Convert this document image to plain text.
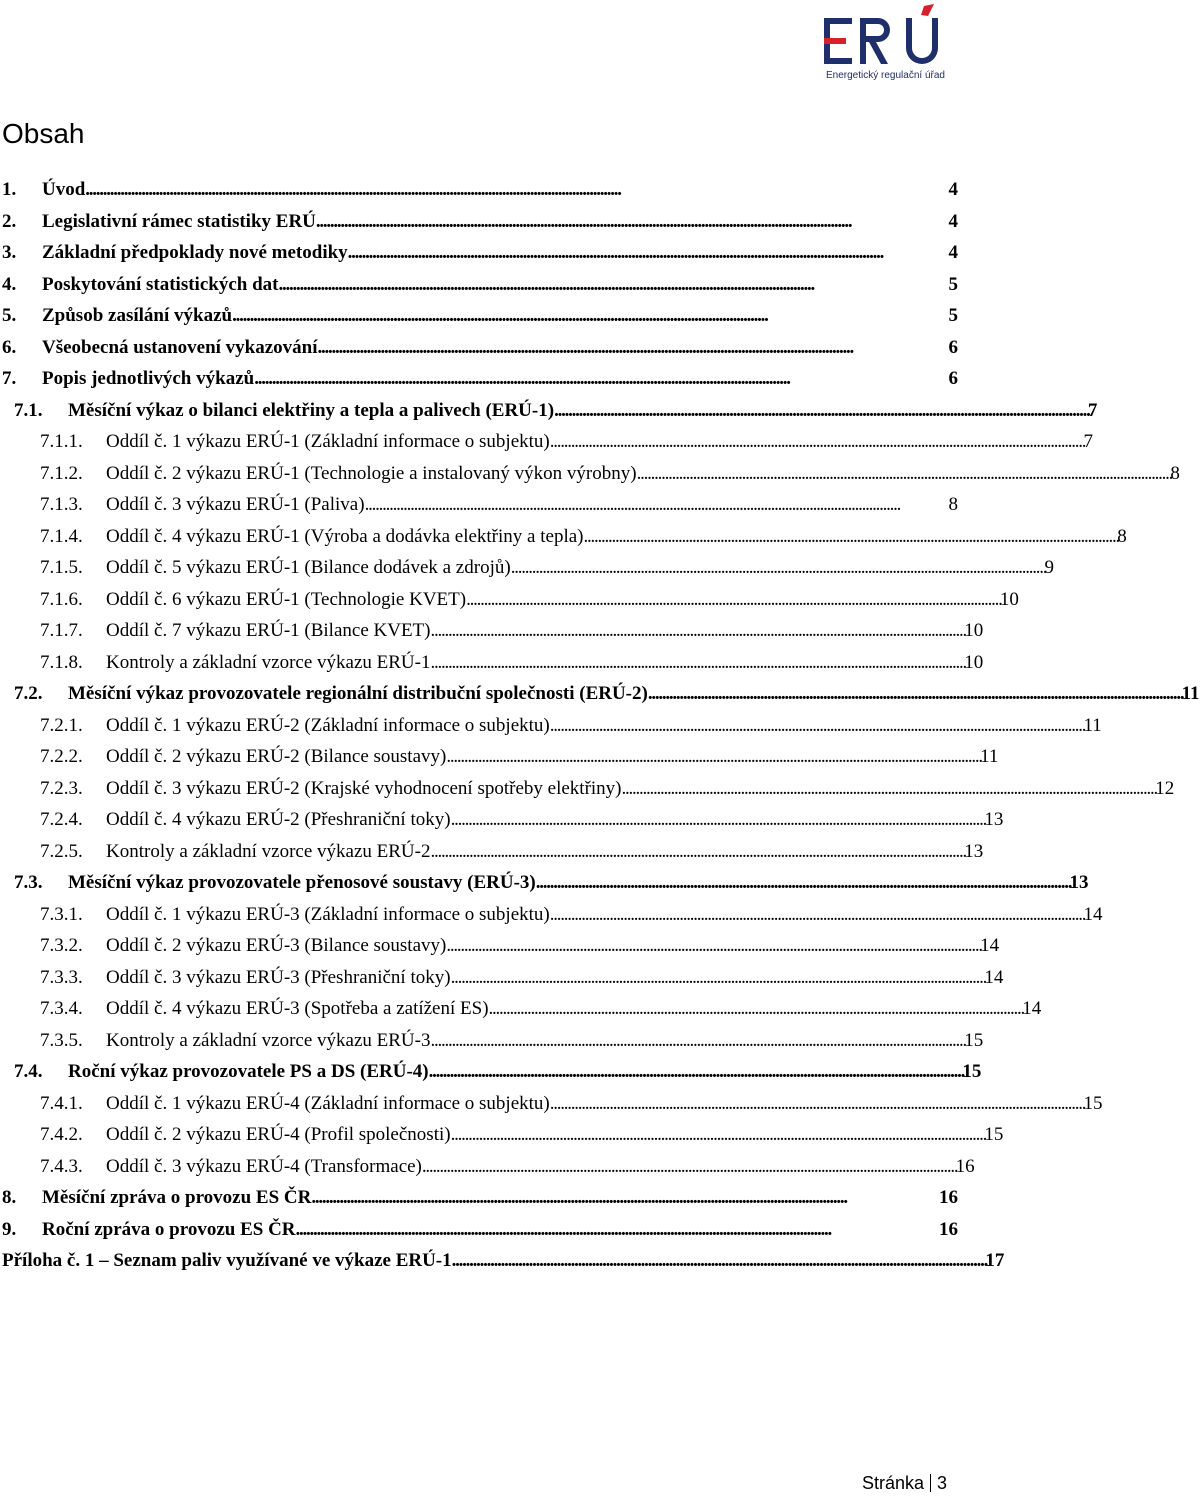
Energetický regulační úřad
Obsah
1.	Úvod . . .	4
2.	Legislativní rámec statistiky ERÚ . . .	4
3.	Základní předpoklady nové metodiky . . .	4
4.	Poskytování statistických dat . . .	5
5.	Způsob zasílání výkazů . . .	5
6.	Všeobecná ustanovení vykazování . . .	6
7.	Popis jednotlivých výkazů . . .	6
7.1.	Měsíční výkaz o bilanci elektřiny a tepla a palivech (ERÚ-1) . . .	7
7.1.1.	Oddíl č. 1 výkazu ERÚ-1 (Základní informace o subjektu) . . .	7
7.1.2.	Oddíl č. 2 výkazu ERÚ-1 (Technologie a instalovaný výkon výrobny) . . .	8
7.1.3.	Oddíl č. 3 výkazu ERÚ-1 (Paliva) . . .	8
7.1.4.	Oddíl č. 4 výkazu ERÚ-1 (Výroba a dodávka elektřiny a tepla) . . .	8
7.1.5.	Oddíl č. 5 výkazu ERÚ-1 (Bilance dodávek a zdrojů) . . .	9
7.1.6.	Oddíl č. 6 výkazu ERÚ-1 (Technologie KVET) . . .	10
7.1.7.	Oddíl č. 7 výkazu ERÚ-1 (Bilance KVET) . . .	10
7.1.8.	Kontroly a základní vzorce výkazu ERÚ-1 . . .	10
7.2.	Měsíční výkaz provozovatele regionální distribuční společnosti (ERÚ-2) . . .	11
7.2.1.	Oddíl č. 1 výkazu ERÚ-2 (Základní informace o subjektu) . . .	11
7.2.2.	Oddíl č. 2 výkazu ERÚ-2 (Bilance soustavy) . . .	11
7.2.3.	Oddíl č. 3 výkazu ERÚ-2 (Krajské vyhodnocení spotřeby elektřiny) . . .	12
7.2.4.	Oddíl č. 4 výkazu ERÚ-2 (Přeshraniční toky) . . .	13
7.2.5.	Kontroly a základní vzorce výkazu ERÚ-2 . . .	13
7.3.	Měsíční výkaz provozovatele přenosové soustavy (ERÚ-3) . . .	13
7.3.1.	Oddíl č. 1 výkazu ERÚ-3 (Základní informace o subjektu) . . .	14
7.3.2.	Oddíl č. 2 výkazu ERÚ-3 (Bilance soustavy) . . .	14
7.3.3.	Oddíl č. 3 výkazu ERÚ-3 (Přeshraniční toky) . . .	14
7.3.4.	Oddíl č. 4 výkazu ERÚ-3 (Spotřeba a zatížení ES) . . .	14
7.3.5.	Kontroly a základní vzorce výkazu ERÚ-3 . . .	15
7.4.	Roční výkaz provozovatele PS a DS (ERÚ-4) . . .	15
7.4.1.	Oddíl č. 1 výkazu ERÚ-4 (Základní informace o subjektu) . . .	15
7.4.2.	Oddíl č. 2 výkazu ERÚ-4 (Profil společnosti) . . .	15
7.4.3.	Oddíl č. 3 výkazu ERÚ-4 (Transformace) . . .	16
8.	Měsíční zpráva o provozu ES ČR . . .	16
9.	Roční zpráva o provozu ES ČR . . .	16
Příloha č. 1 – Seznam paliv využívané ve výkaze ERÚ-1 . . .	17
Stránka 3
